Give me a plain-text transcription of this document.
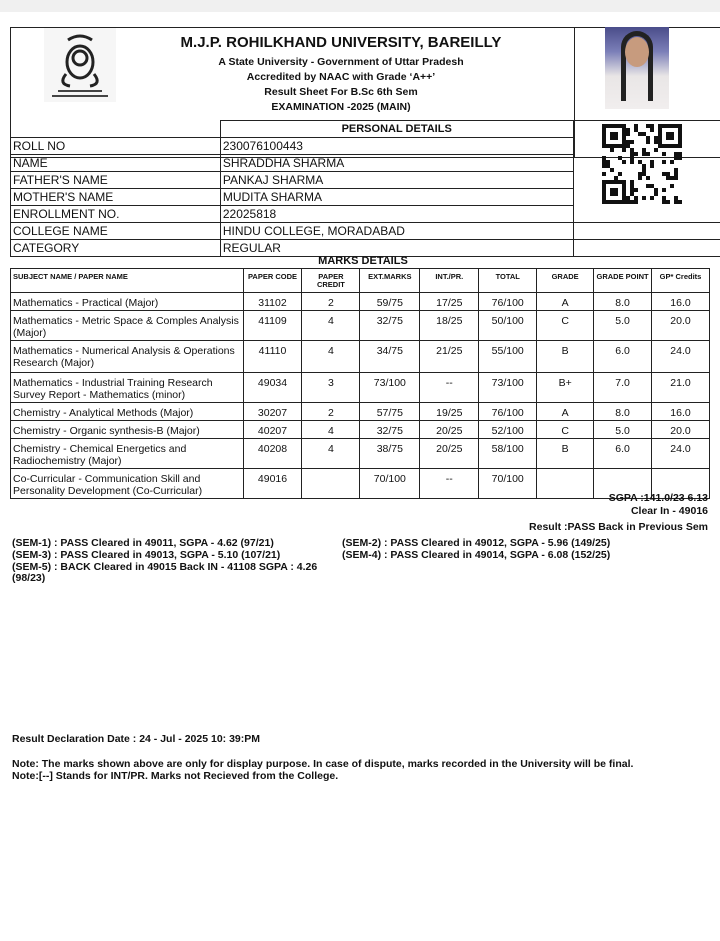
M.J.P. ROHILKHAND UNIVERSITY, BAREILLY
A State University - Government of Uttar Pradesh
Accredited by NAAC with Grade ‘A++’
Result Sheet For B.Sc 6th Sem
EXAMINATION -2025 (MAIN)
	PERSONAL DETAILS	
ROLL NO	230076100443	
NAME	SHRADDHA SHARMA	
FATHER'S NAME	PANKAJ SHARMA	
MOTHER'S NAME	MUDITA SHARMA	
ENROLLMENT NO.	22025818	
COLLEGE NAME	HINDU COLLEGE, MORADABAD	
CATEGORY	REGULAR	
MARKS DETAILS
SUBJECT NAME / PAPER NAME	PAPER CODE	PAPER CREDIT	EXT.MARKS	INT./PR.	TOTAL	GRADE	GRADE POINT	GP* Credits
Mathematics - Practical (Major)	31102	2	59/75	17/25	76/100	A	8.0	16.0
Mathematics - Metric Space & Comples Analysis (Major)	41109	4	32/75	18/25	50/100	C	5.0	20.0
Mathematics - Numerical Analysis & Operations Research (Major)	41110	4	34/75	21/25	55/100	B	6.0	24.0
Mathematics - Industrial Training Research Survey Report - Mathematics (minor)	49034	3	73/100	--	73/100	B+	7.0	21.0
Chemistry - Analytical Methods (Major)	30207	2	57/75	19/25	76/100	A	8.0	16.0
Chemistry - Organic synthesis-B (Major)	40207	4	32/75	20/25	52/100	C	5.0	20.0
Chemistry - Chemical Energetics and Radiochemistry (Major)	40208	4	38/75	20/25	58/100	B	6.0	24.0
Co-Curricular - Communication Skill and Personality Development (Co-Curricular)	49016		70/100	--	70/100			
SGPA :141.0/23 6.13
Clear In - 49016
Result :PASS Back in Previous Sem
(SEM-1) : PASS Cleared in 49011, SGPA - 4.62 (97/21)	(SEM-2) : PASS Cleared in 49012, SGPA - 5.96 (149/25)
(SEM-3) : PASS Cleared in 49013, SGPA - 5.10 (107/21)	(SEM-4) : PASS Cleared in 49014, SGPA - 6.08 (152/25)
(SEM-5) : BACK Cleared in 49015 Back IN - 41108 SGPA : 4.26 (98/23)
Result Declaration Date : 24 - Jul - 2025 10: 39:PM
Note: The marks shown above are only for display purpose. In case of dispute, marks recorded in the University will be final.
Note:[--] Stands for INT/PR. Marks not Recieved from the College.
